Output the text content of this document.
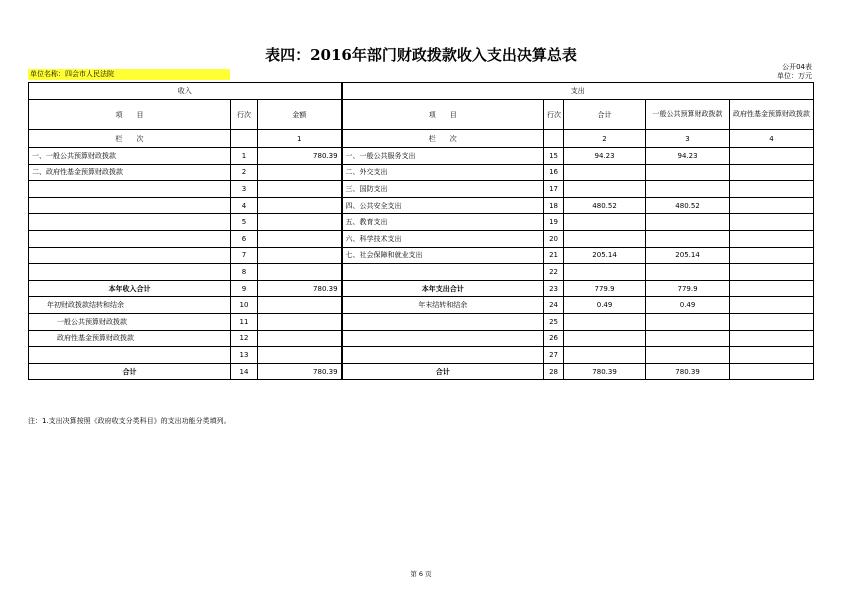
表四：2016年部门财政拨款收入支出决算总表
公开04表
单位名称：四会市人民法院	单位：万元
收入			支出				
项　　目	行次	金额	项　　目	行次	合计	一般公共预算财政拨款	政府性基金预算财政拨款
栏　　次		1	栏　　次		2	3	4
一、一般公共预算财政拨款	1	780.39	一、一般公共服务支出	15	94.23	94.23	
二、政府性基金预算财政拨款	2		二、外交支出	16			
	3		三、国防支出	17			
	4		四、公共安全支出	18	480.52	480.52	
	5		五、教育支出	19			
	6		六、科学技术支出	20			
	7		七、社会保障和就业支出	21	205.14	205.14	
	8			22			
本年收入合计	9	780.39	本年支出合计	23	779.9	779.9	
年初财政拨款结转和结余	10		年末结转和结余	24	0.49	0.49	
一般公共预算财政拨款	11			25			
政府性基金预算财政拨款	12			26			
	13			27			
合计	14	780.39	合计	28	780.39	780.39	
注：1.支出决算按照《政府收支分类科目》的支出功能分类填列。
第 6 页
